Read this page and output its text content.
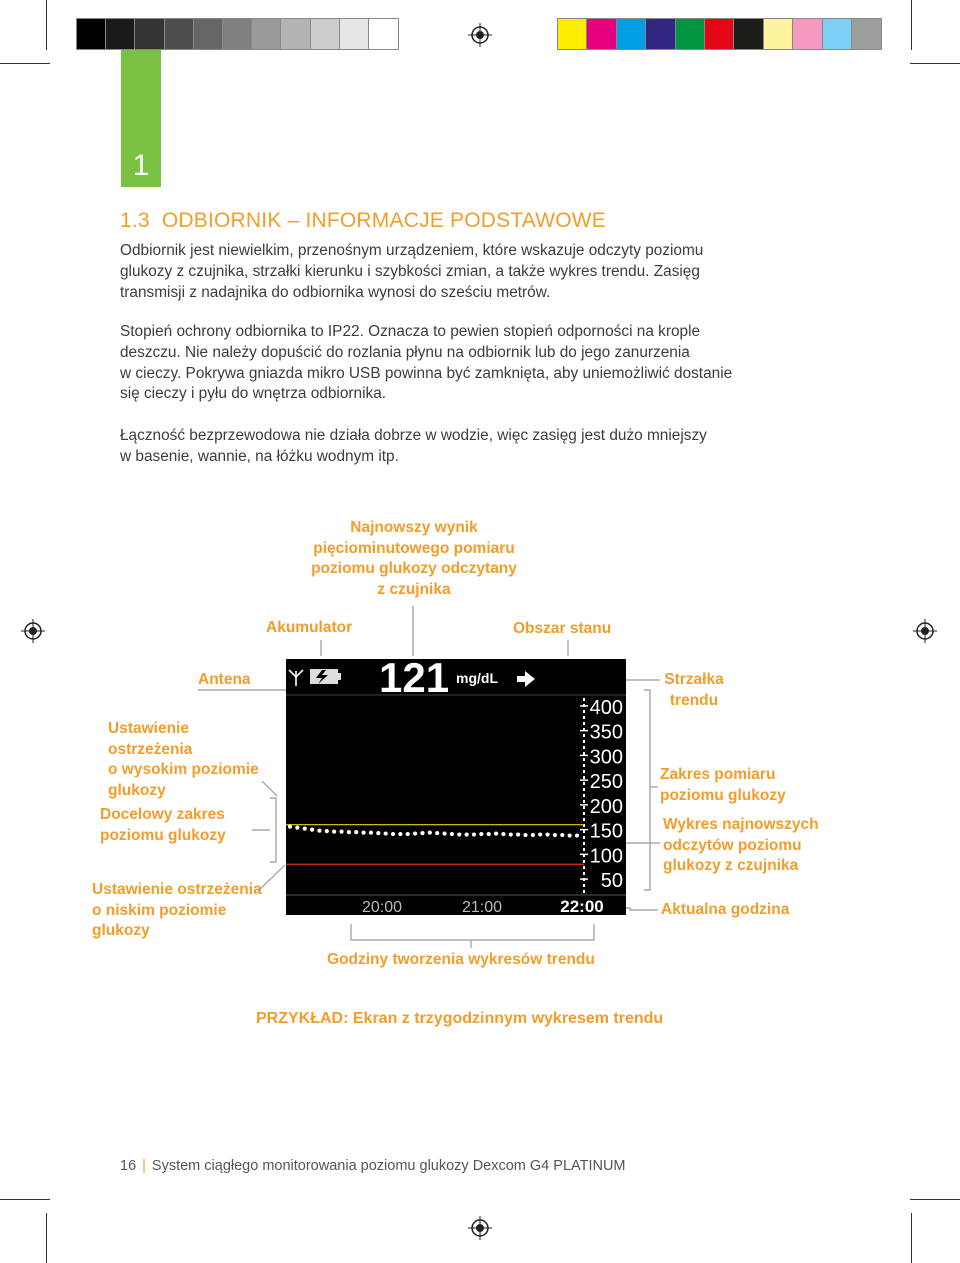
1
1.3 ODBIORNIK – INFORMACJE PODSTAWOWE
Odbiornik jest niewielkim, przenośnym urządzeniem, które wskazuje odczyty poziomu
glukozy z czujnika, strzałki kierunku i szybkości zmian, a także wykres trendu. Zasięg
transmisji z nadajnika do odbiornika wynosi do sześciu metrów.
Stopień ochrony odbiornika to IP22. Oznacza to pewien stopień odporności na krople
deszczu. Nie należy dopuścić do rozlania płynu na odbiornik lub do jego zanurzenia
w cieczy. Pokrywa gniazda mikro USB powinna być zamknięta, aby uniemożliwić dostanie
się cieczy i pyłu do wnętrza odbiornika.
Łączność bezprzewodowa nie działa dobrze w wodzie, więc zasięg jest dużo mniejszy
w basenie, wannie, na łóżku wodnym itp.
Najnowszy wynik
pięciominutowego pomiaru
poziomu glukozy odczytany
z czujnika
Akumulator	Obszar stanu
Antena	Strzałka
trendu
Ustawienie
ostrzeżenia
o wysokim poziomie
glukozy
Docelowy zakres
poziomu glukozy
Ustawienie ostrzeżenia
o niskim poziomie
glukozy
Zakres pomiaru
poziomu glukozy
Wykres najnowszych
odczytów poziomu
glukozy z czujnika
Aktualna godzina
Godziny tworzenia wykresów trendu
121 mg/dL
400
350
300
250
200
150
100
50
20:00	21:00	22:00
PRZYKŁAD: Ekran z trzygodzinnym wykresem trendu
16 | System ciągłego monitorowania poziomu glukozy Dexcom G4 PLATINUM
